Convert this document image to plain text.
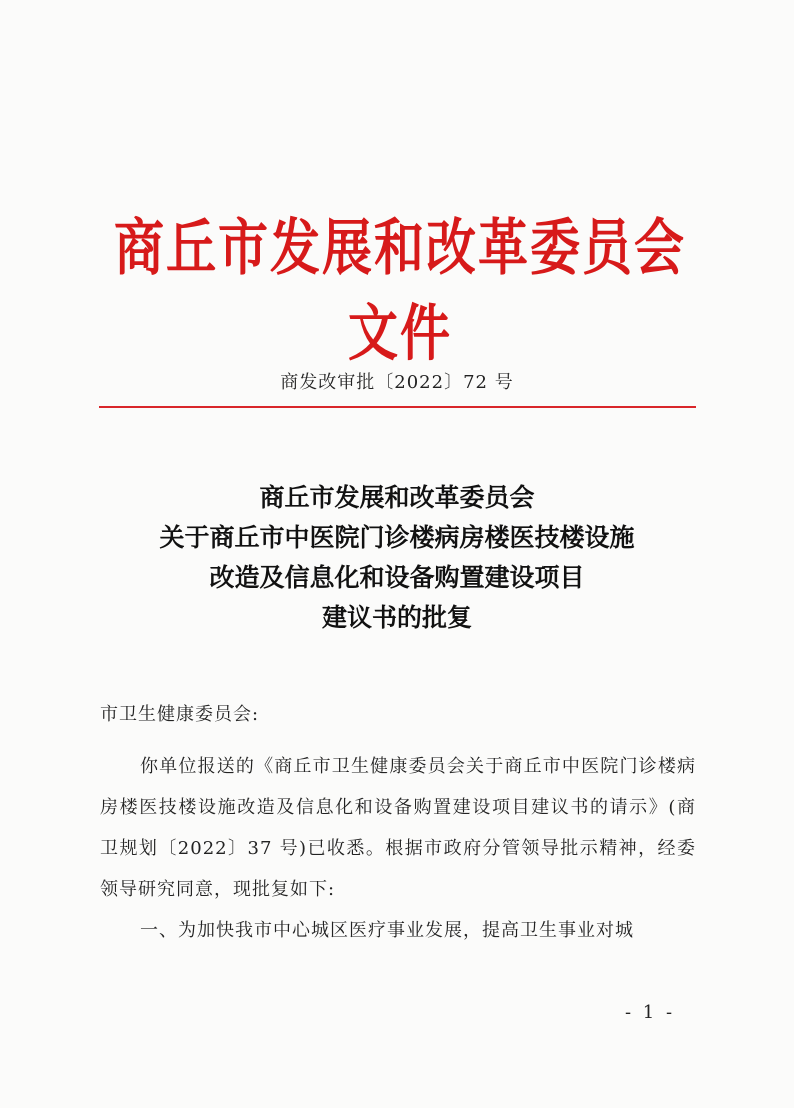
商丘市发展和改革委员会文件
商发改审批〔2022〕72 号
商丘市发展和改革委员会
关于商丘市中医院门诊楼病房楼医技楼设施
改造及信息化和设备购置建设项目
建议书的批复
市卫生健康委员会:

你单位报送的《商丘市卫生健康委员会关于商丘市中医院门诊楼病房楼医技楼设施改造及信息化和设备购置建设项目建议书的请示》(商卫规划〔2022〕37 号)已收悉。根据市政府分管领导批示精神，经委领导研究同意，现批复如下:

一、为加快我市中心城区医疗事业发展，提高卫生事业对城

- 1 -
